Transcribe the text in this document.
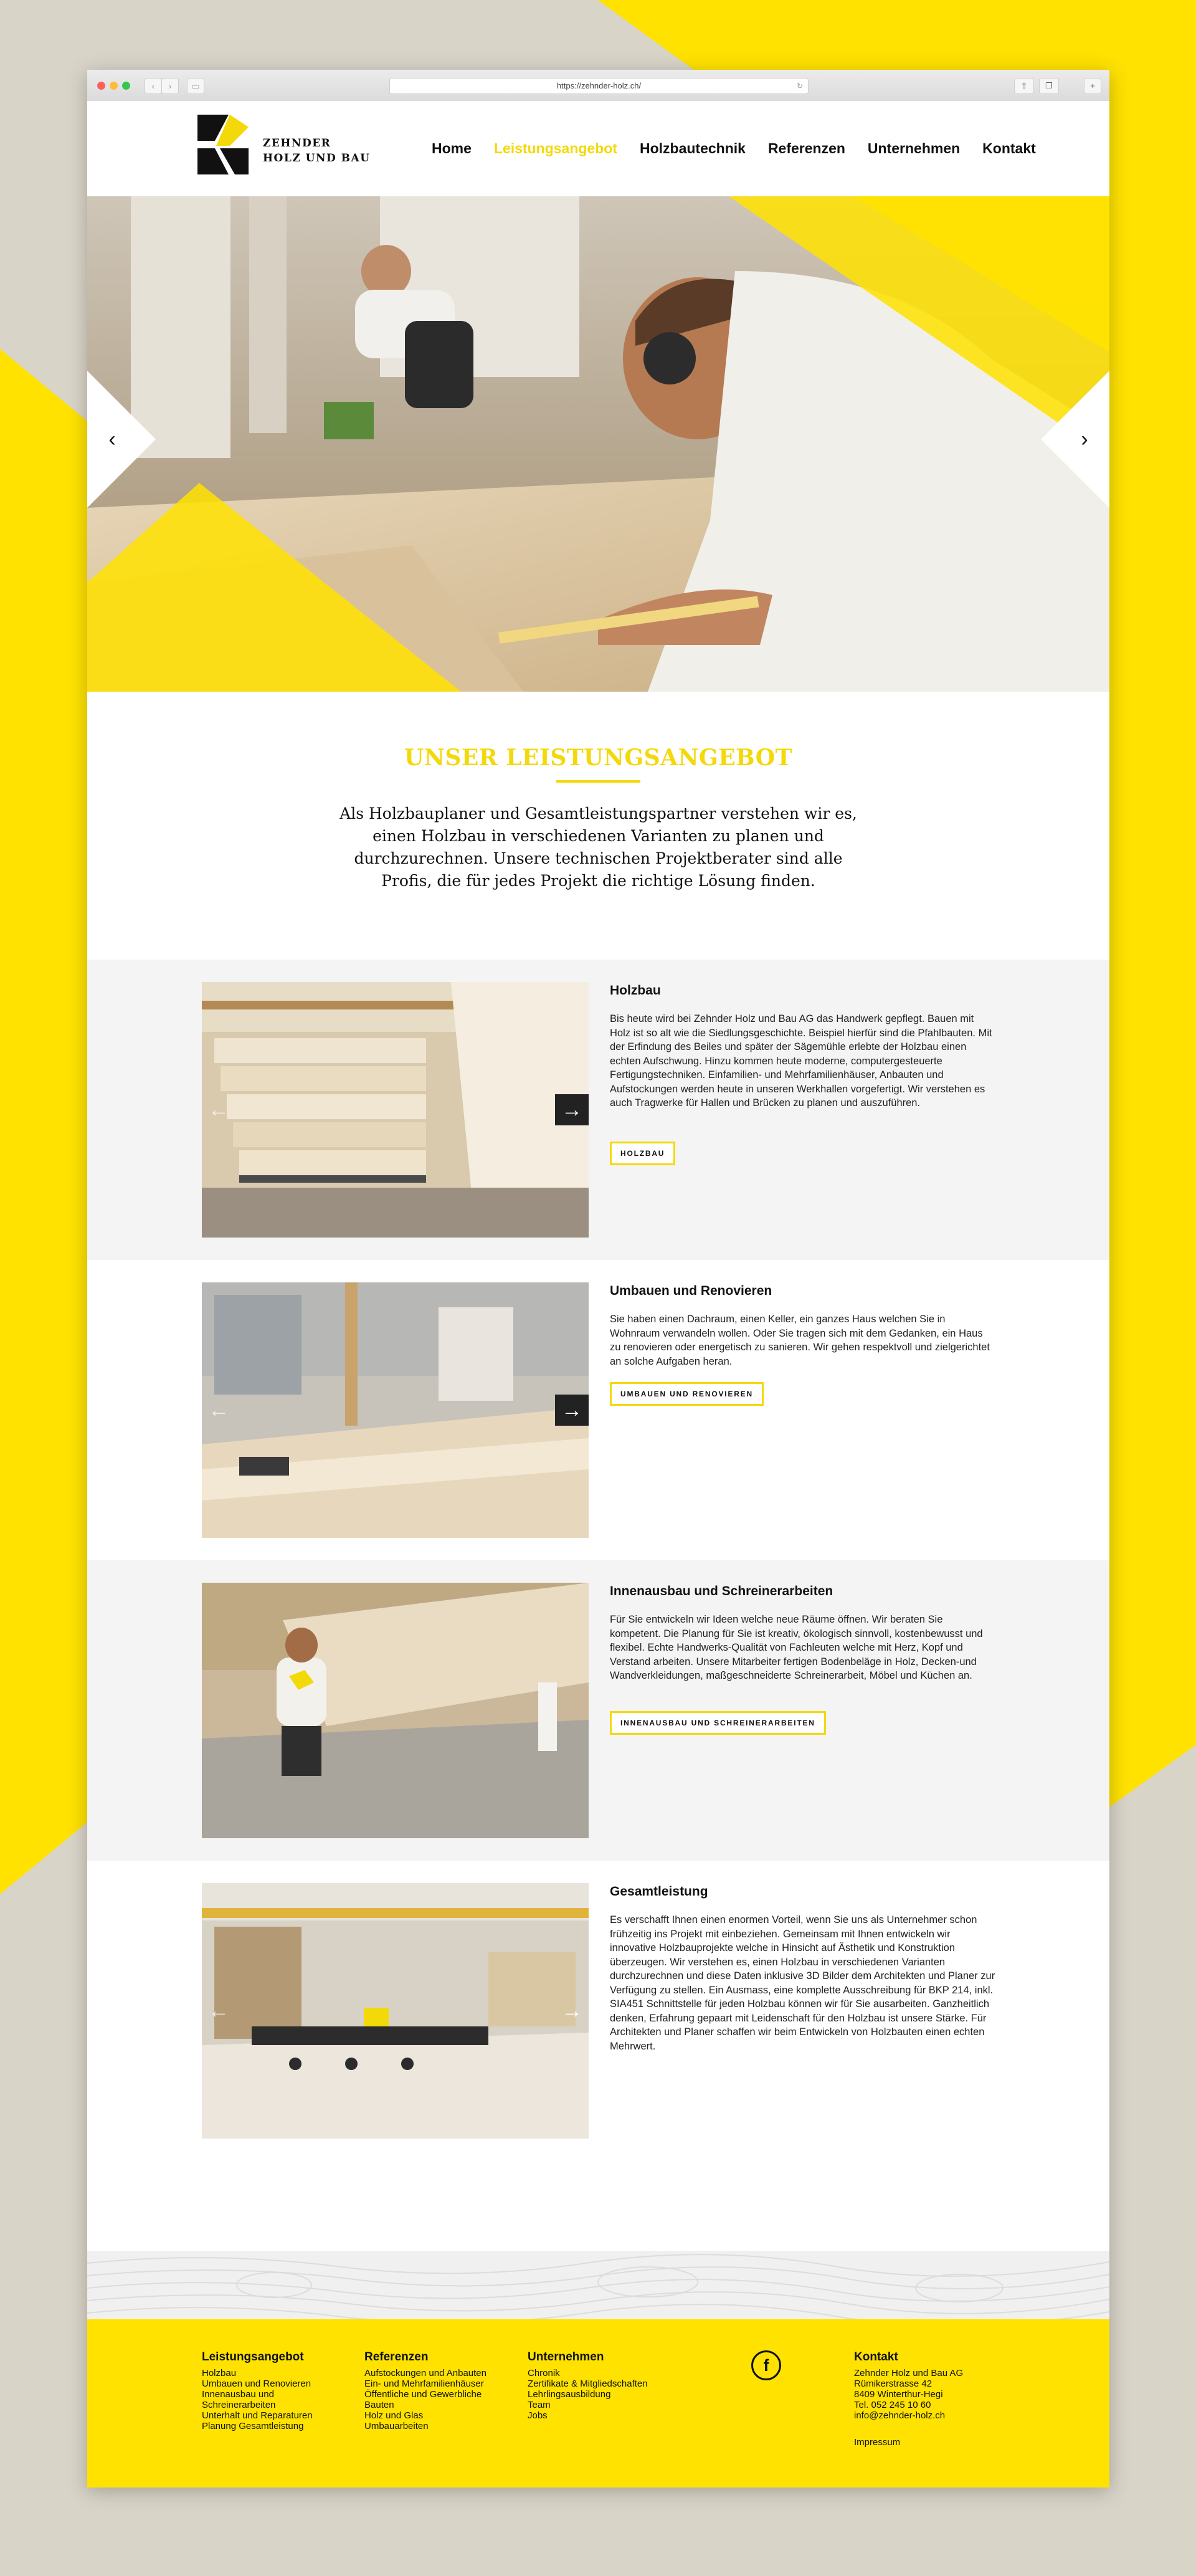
‹	›	▭	https://zehnder-holz.ch/	↻	⇧	❐	+
ZEHNDER
HOLZ UND BAU
Home Leistungsangebot Holzbautechnik Referenzen Unternehmen Kontakt
‹	›
UNSER LEISTUNGSANGEBOT
Als Holzbauplaner und Gesamtleistungspartner verstehen wir es, einen Holzbau in verschiedenen Varianten zu planen und durchzurechnen. Unsere technischen Projektberater sind alle Profis, die für jedes Projekt die richtige Lösung finden.
←	→
Holzbau
Bis heute wird bei Zehnder Holz und Bau AG das Handwerk gepflegt. Bauen mit Holz ist so alt wie die Siedlungsgeschichte. Beispiel hierfür sind die Pfahlbauten. Mit der Erfindung des Beiles und später der Sägemühle erlebte der Holzbau einen echten Aufschwung. Hinzu kommen heute moderne, computergesteuerte Fertigungstechniken. Einfamilien- und Mehrfamilienhäuser, Anbauten und Aufstockungen werden heute in unseren Werkhallen vorgefertigt. Wir verstehen es auch Tragwerke für Hallen und Brücken zu planen und auszuführen.
HOLZBAU
←	→
Umbauen und Renovieren
Sie haben einen Dachraum, einen Keller, ein ganzes Haus welchen Sie in Wohnraum verwandeln wollen. Oder Sie tragen sich mit dem Gedanken, ein Haus zu renovieren oder energetisch zu sanieren. Wir gehen respektvoll und zielgerichtet an solche Aufgaben heran.
UMBAUEN UND RENOVIEREN
Innenausbau und Schreinerarbeiten
Für Sie entwickeln wir Ideen welche neue Räume öffnen. Wir beraten Sie kompetent. Die Planung für Sie ist kreativ, ökologisch sinnvoll, kostenbewusst und flexibel. Echte Handwerks-Qualität von Fachleuten welche mit Herz, Kopf und Verstand arbeiten. Unsere Mitarbeiter fertigen Bodenbeläge in Holz, Decken-und Wandverkleidungen, maßgeschneiderte Schreinerarbeit, Möbel und Küchen an.
INNENAUSBAU UND SCHREINERARBEITEN
←	→
Gesamtleistung
Es verschafft Ihnen einen enormen Vorteil, wenn Sie uns als Unternehmer schon frühzeitig ins Projekt mit einbeziehen. Gemeinsam mit Ihnen entwickeln wir innovative Holzbauprojekte welche in Hinsicht auf Ästhetik und Konstruktion überzeugen. Wir verstehen es, einen Holzbau in verschiedenen Varianten durchzurechnen und diese Daten inklusive 3D Bilder dem Architekten und Planer zur Verfügung zu stellen. Ein Ausmass, eine komplette Ausschreibung für BKP 214, inkl. SIA451 Schnittstelle für jeden Holzbau können wir für Sie ausarbeiten. Ganzheitlich denken, Erfahrung gepaart mit Leidenschaft für den Holzbau ist unsere Stärke. Für Architekten und Planer schaffen wir beim Entwickeln von Holzbauten einen echten Mehrwert.
Leistungsangebot
Holzbau
Umbauen und Renovieren
Innenausbau und
Schreinerarbeiten
Unterhalt und Reparaturen
Planung Gesamtleistung
Referenzen
Aufstockungen und Anbauten
Ein- und Mehrfamilienhäuser
Öffentliche und Gewerbliche
Bauten
Holz und Glas
Umbauarbeiten
Unternehmen
Chronik
Zertifikate & Mitgliedschaften
Lehrlingsausbildung
Team
Jobs
f	Kontakt
Zehnder Holz und Bau AG
Rümikerstrasse 42
8409 Winterthur-Hegi
Tel. 052 245 10 60
info@zehnder-holz.ch
Impressum
